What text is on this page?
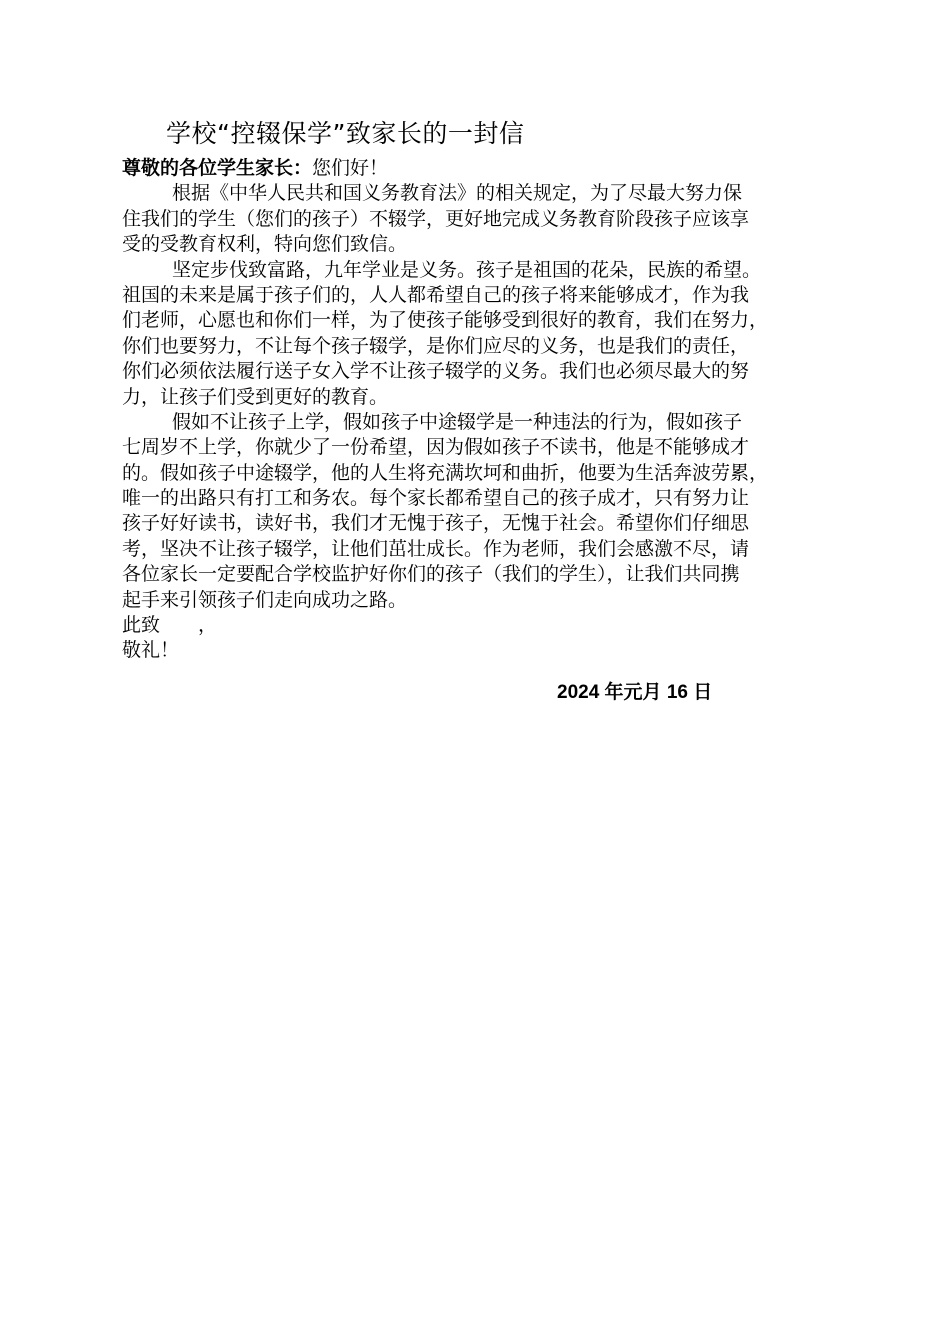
学校“控辍保学”致家长的一封信
尊敬的各位学生家长：您们好！
根据《中华人民共和国义务教育法》的相关规定，为了尽最大努力保
住我们的学生（您们的孩子）不辍学，更好地完成义务教育阶段孩子应该享
受的受教育权利，特向您们致信。
坚定步伐致富路，九年学业是义务。孩子是祖国的花朵，民族的希望。
祖国的未来是属于孩子们的，人人都希望自己的孩子将来能够成才，作为我
们老师，心愿也和你们一样，为了使孩子能够受到很好的教育，我们在努力，
你们也要努力，不让每个孩子辍学，是你们应尽的义务，也是我们的责任，
你们必须依法履行送子女入学不让孩子辍学的义务。我们也必须尽最大的努
力，让孩子们受到更好的教育。
假如不让孩子上学，假如孩子中途辍学是一种违法的行为，假如孩子
七周岁不上学，你就少了一份希望，因为假如孩子不读书，他是不能够成才
的。假如孩子中途辍学，他的人生将充满坎坷和曲折，他要为生活奔波劳累，
唯一的出路只有打工和务农。每个家长都希望自己的孩子成才，只有努力让
孩子好好读书，读好书，我们才无愧于孩子，无愧于社会。希望你们仔细思
考，坚决不让孩子辍学，让他们茁壮成长。作为老师，我们会感激不尽，请
各位家长一定要配合学校监护好你们的孩子（我们的学生），让我们共同携
起手来引领孩子们走向成功之路。
此致　　，
敬礼！
2024 年元月 16 日
